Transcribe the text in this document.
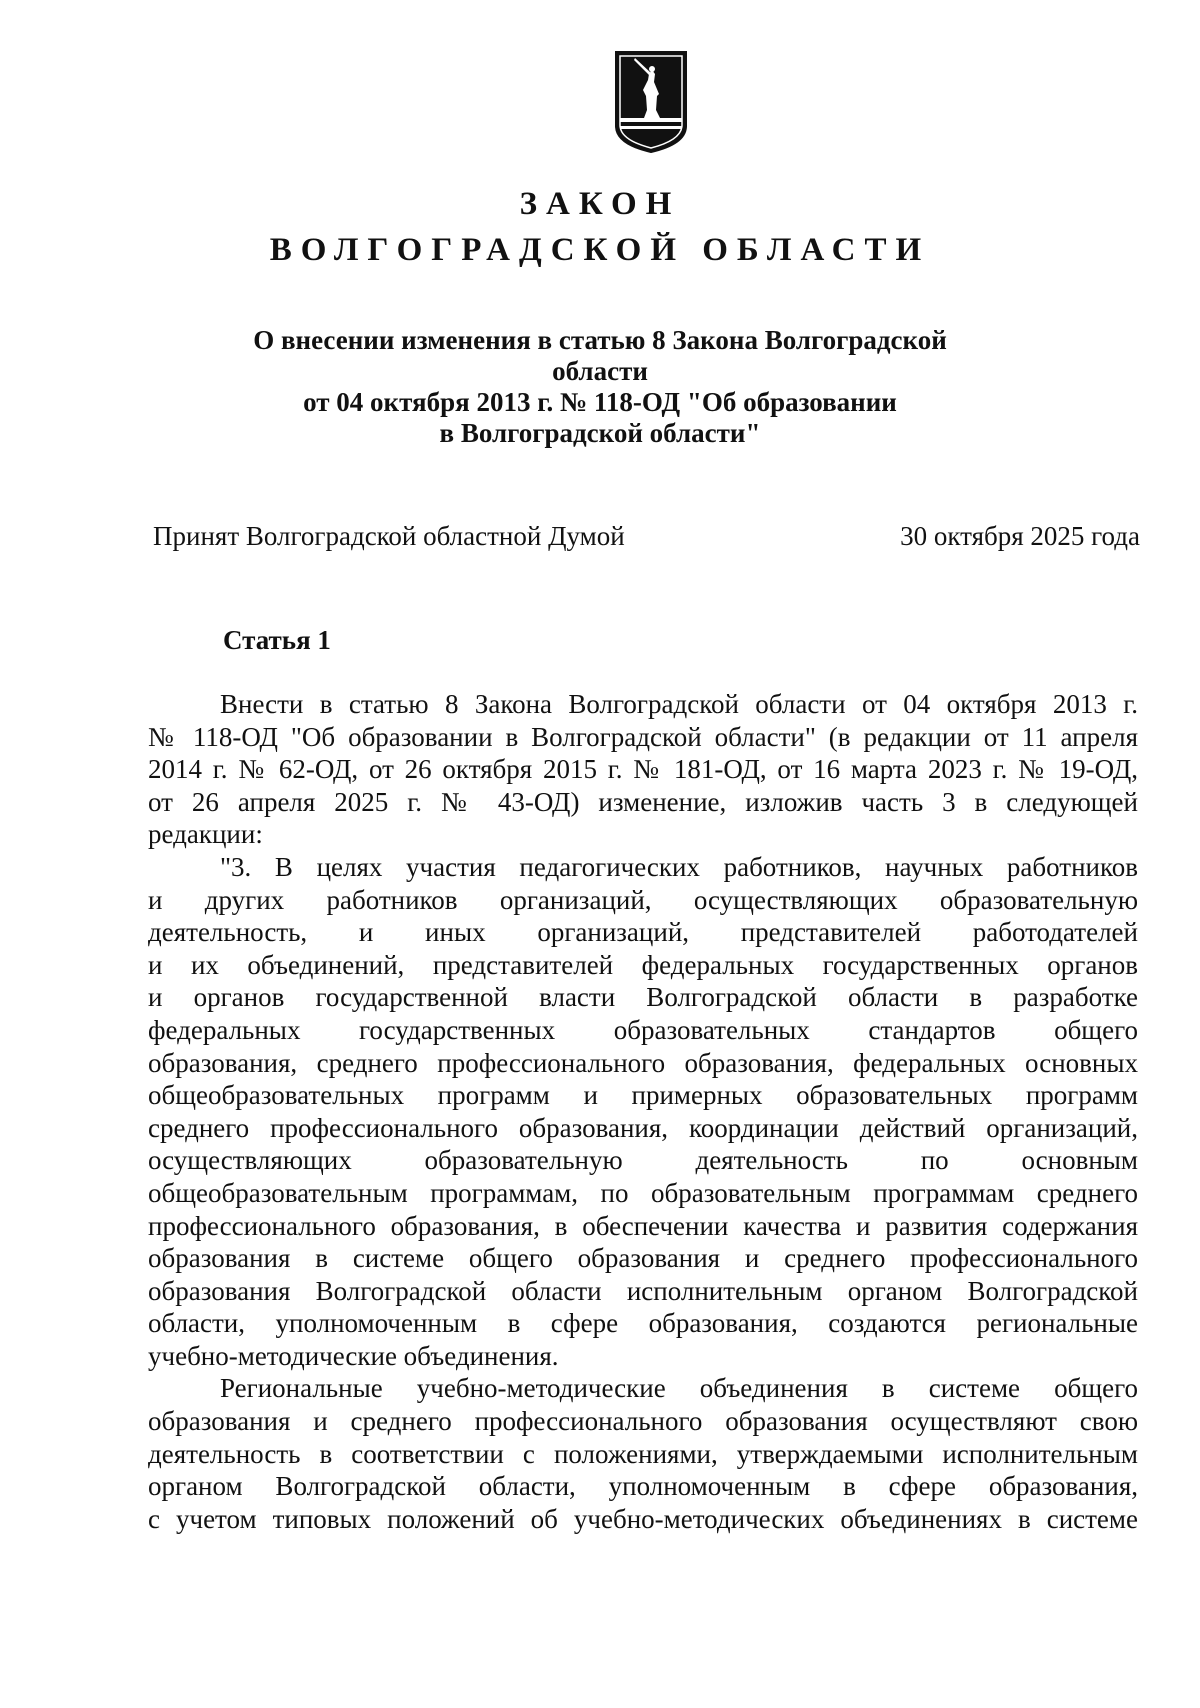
ЗАКОН
ВОЛГОГРАДСКОЙ ОБЛАСТИ
О внесении изменения в статью 8 Закона Волгоградской области
от 04 октября 2013 г. № 118-ОД "Об образовании
в Волгоградской области"
Принят Волгоградской областной Думой	30 октября 2025 года
Статья 1
Внести в статью 8 Закона Волгоградской области от 04 октября 2013 г.
№ 118-ОД "Об образовании в Волгоградской области" (в редакции от 11 апреля
2014 г. № 62-ОД, от 26 октября 2015 г. № 181-ОД, от 16 марта 2023 г. № 19-ОД,
от 26 апреля 2025 г. № 43-ОД) изменение, изложив часть 3 в следующей
редакции:
"3. В целях участия педагогических работников, научных работников
и других работников организаций, осуществляющих образовательную
деятельность, и иных организаций, представителей работодателей
и их объединений, представителей федеральных государственных органов
и органов государственной власти Волгоградской области в разработке
федеральных государственных образовательных стандартов общего
образования, среднего профессионального образования, федеральных основных
общеобразовательных программ и примерных образовательных программ
среднего профессионального образования, координации действий организаций,
осуществляющих образовательную деятельность по основным
общеобразовательным программам, по образовательным программам среднего
профессионального образования, в обеспечении качества и развития содержания
образования в системе общего образования и среднего профессионального
образования Волгоградской области исполнительным органом Волгоградской
области, уполномоченным в сфере образования, создаются региональные
учебно-методические объединения.
Региональные учебно-методические объединения в системе общего
образования и среднего профессионального образования осуществляют свою
деятельность в соответствии с положениями, утверждаемыми исполнительным
органом Волгоградской области, уполномоченным в сфере образования,
с учетом типовых положений об учебно-методических объединениях в системе
